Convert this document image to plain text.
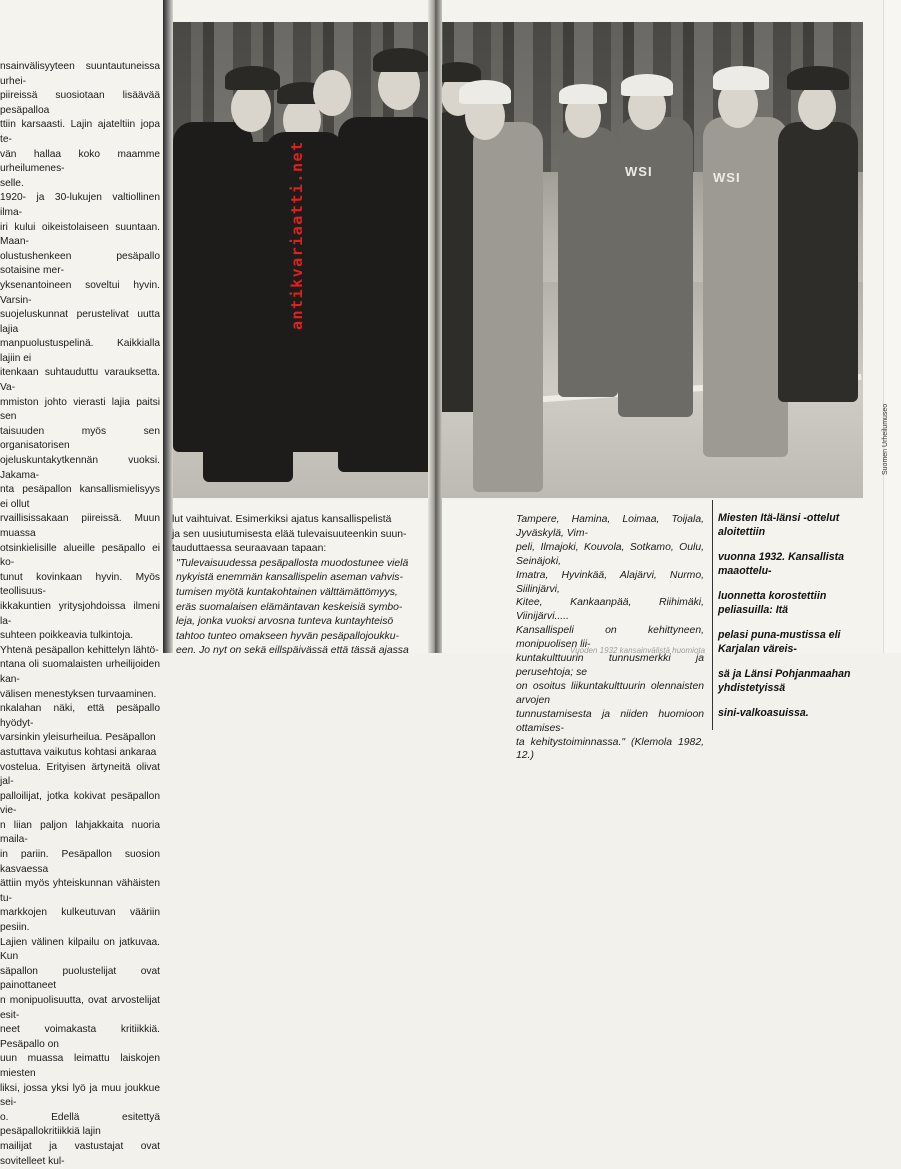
nsainvälisyyteen suuntautuneissa urhei-

piireissä suosiotaan lisäävää pesäpalloa

ttiin karsaasti. Lajin ajateltiin jopa te-

vän hallaa koko maamme urheilumenes-

selle.

1920- ja 30-lukujen valtiollinen ilma-

iri kului oikeistolaiseen suuntaan. Maan-

olustushenkeen pesäpallo sotaisine mer-

yksenantoineen soveltui hyvin. Varsin-

suojeluskunnat perustelivat uutta lajia

manpuolustuspelinä. Kaikkialla lajiin ei

itenkaan suhtauduttu varauksetta. Va-

mmiston johto vierasti lajia paitsi sen

taisuuden myös sen organisatorisen

ojeluskuntakytkennän vuoksi. Jakama-

nta pesäpallon kansallismielisyys ei ollut

rvaillisissakaan piireissä. Muun muassa

otsinkielisille alueille pesäpallo ei ko-

tunut kovinkaan hyvin. Myös teollisuus-

ikkakuntien yritysjohdoissa ilmeni la-

suhteen poikkeavia tulkintoja.

Yhtenä pesäpallon kehittelyn lähtö-

ntana oli suomalaisten urheilijoiden kan-

välisen menestyksen turvaaminen.

nkalahan näki, että pesäpallo hyödyt-

varsinkin yleisurheilua. Pesäpallon

astuttava vaikutus kohtasi ankaraa

vostelua. Erityisen ärtyneitä olivat jal-

palloilijat, jotka kokivat pesäpallon vie-

n liian paljon lahjakkaita nuoria maila-

in pariin. Pesäpallon suosion kasvaessa

ättiin myös yhteiskunnan vähäisten tu-

markkojen kulkeutuvan vääriin pesiin.

Lajien välinen kilpailu on jatkuvaa. Kun

säpallon puolustelijat ovat painottaneet

n monipuolisuutta, ovat arvostelijat esit-

neet voimakasta kritiikkiä. Pesäpallo on

uun muassa leimattu laiskojen miesten

liksi, jossa yksi lyö ja muu joukkue sei-

o. Edellä esitettyä pesäpallokritiikkiä lajin

mailijat ja vastustajat ovat sovitelleet kul-

WSI	WSI
antikvariaatti.net
Suomen Urheilumuseo

lut vaihtuivat. Esimerkiksi ajatus kansallispelistä

ja sen uusiutumisesta elää tulevaisuuteenkin suun-

tauduttaessa seuraavaan tapaan:

"Tulevaisuudessa pesäpallosta muodostunee vielä

nykyistä enemmän kansallispelin aseman vahvis-

tumisen myötä kuntakohtainen välttämättömyys,

eräs suomalaisen elämäntavan keskeisiä symbo-

leja, jonka vuoksi arvosna tunteva kuntayhteisö

tahtoo tunteo omakseen hyvän pesäpallojoukku-

een. Jo nyt on sekä eillspäivässä että tässä ajassa

Tampere, Hamina, Loimaa, Toijala, Jyväskylä, Vim-

peli, Ilmajoki, Kouvola, Sotkamo, Oulu, Seinäjoki,

Imatra, Hyvinkää, Alajärvi, Nurmo, Siilinjärvi,

Kitee, Kankaanpää, Riihimäki, Viinijärvi.....

Kansallispeli on kehittyneen, monipuolisen lii-

kuntakulttuurin tunnusmerkki ja perusehtoja; se

on osoitus liikuntakulttuurin olennaisten arvojen

tunnustamisesta ja niiden huomioon ottamises-

ta kehitystoiminnassa." (Klemola 1982, 12.)

Miesten Itä-länsi -ottelut aloitettiin

vuonna 1932. Kansallista maaottelu-

luonnetta korostettiin peliasuilla: Itä

pelasi puna-mustissa eli Karjalan väreis-

sä ja Länsi Pohjanmaahan yhdistetyissä

sini-valkoasuissa.

Vuoden 1932 kansainvälistä huomiota
